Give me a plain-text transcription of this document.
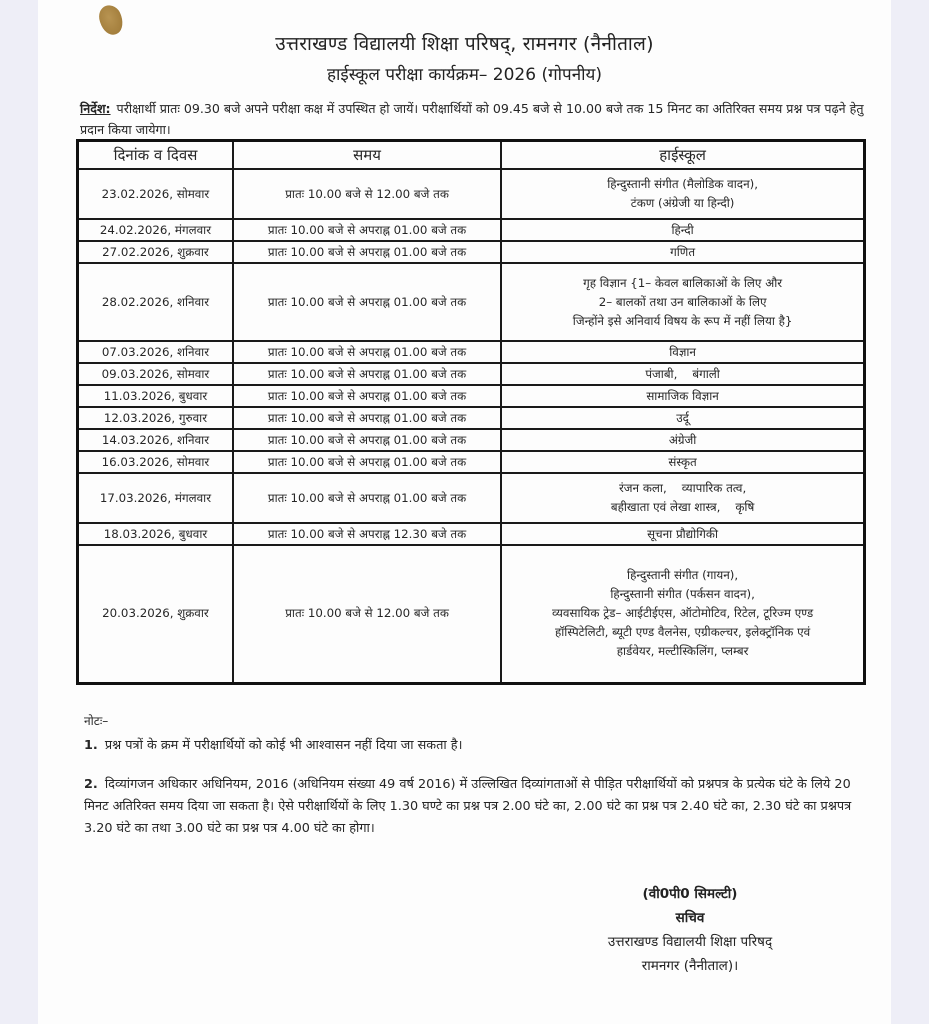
उत्तराखण्ड विद्यालयी शिक्षा परिषद्, रामनगर (नैनीताल)
हाईस्कूल परीक्षा कार्यक्रम– 2026 (गोपनीय)
निर्देश: परीक्षार्थी प्रातः 09.30 बजे अपने परीक्षा कक्ष में उपस्थित हो जायें। परीक्षार्थियों को 09.45 बजे से 10.00 बजे तक 15 मिनट का अतिरिक्त समय प्रश्न पत्र पढ़ने हेतु प्रदान किया जायेगा।
दिनांक व दिवस	समय	हाईस्कूल
23.02.2026, सोमवार	प्रातः 10.00 बजे से 12.00 बजे तक	हिन्दुस्तानी संगीत (मैलोडिक वादन),
टंकण (अंग्रेजी या हिन्दी)

24.02.2026, मंगलवार	प्रातः 10.00 बजे से अपराह्न 01.00 बजे तक	हिन्दी

27.02.2026, शुक्रवार	प्रातः 10.00 बजे से अपराह्न 01.00 बजे तक	गणित

28.02.2026, शनिवार	प्रातः 10.00 बजे से अपराह्न 01.00 बजे तक	गृह विज्ञान {1– केवल बालिकाओं के लिए और
2– बालकों तथा उन बालिकाओं के लिए
जिन्होंने इसे अनिवार्य विषय के रूप में नहीं लिया है}

07.03.2026, शनिवार	प्रातः 10.00 बजे से अपराह्न 01.00 बजे तक	विज्ञान

09.03.2026, सोमवार	प्रातः 10.00 बजे से अपराह्न 01.00 बजे तक	पंजाबी,    बंगाली

11.03.2026, बुधवार	प्रातः 10.00 बजे से अपराह्न 01.00 बजे तक	सामाजिक विज्ञान

12.03.2026, गुरुवार	प्रातः 10.00 बजे से अपराह्न 01.00 बजे तक	उर्दू

14.03.2026, शनिवार	प्रातः 10.00 बजे से अपराह्न 01.00 बजे तक	अंग्रेजी

16.03.2026, सोमवार	प्रातः 10.00 बजे से अपराह्न 01.00 बजे तक	संस्कृत

17.03.2026, मंगलवार	प्रातः 10.00 बजे से अपराह्न 01.00 बजे तक	रंजन कला,    व्यापारिक तत्व,
बहीखाता एवं लेखा शास्त्र,    कृषि

18.03.2026, बुधवार	प्रातः 10.00 बजे से अपराह्न 12.30 बजे तक	सूचना प्रौद्योगिकी

20.03.2026, शुक्रवार	प्रातः 10.00 बजे से 12.00 बजे तक	हिन्दुस्तानी संगीत (गायन),
हिन्दुस्तानी संगीत (पर्कसन वादन),
व्यवसायिक ट्रेड– आईटीईएस, ऑटोमोटिव, रिटेल, टूरिज्म एण्ड
हॉस्पिटेलिटी, ब्यूटी एण्ड वैलनेस, एग्रीकल्चर, इलेक्ट्रॉनिक एवं
हार्डवेयर, मल्टीस्किलिंग, प्लम्बर
नोटः–
1. प्रश्न पत्रों के क्रम में परीक्षार्थियों को कोई भी आश्वासन नहीं दिया जा सकता है।
2. दिव्यांगजन अधिकार अधिनियम, 2016 (अधिनियम संख्या 49 वर्ष 2016) में उल्लिखित दिव्यांगताओं से पीड़ित परीक्षार्थियों को प्रश्नपत्र के प्रत्येक घंटे के लिये 20 मिनट अतिरिक्त समय दिया जा सकता है। ऐसे परीक्षार्थियों के लिए 1.30 घण्टे का प्रश्न पत्र 2.00 घंटे का, 2.00 घंटे का प्रश्न पत्र 2.40 घंटे का, 2.30 घंटे का प्रश्नपत्र 3.20 घंटे का तथा 3.00 घंटे का प्रश्न पत्र 4.00 घंटे का होगा।
(वी0पी0 सिमल्टी)
सचिव
उत्तराखण्ड विद्यालयी शिक्षा परिषद्
रामनगर (नैनीताल)।
